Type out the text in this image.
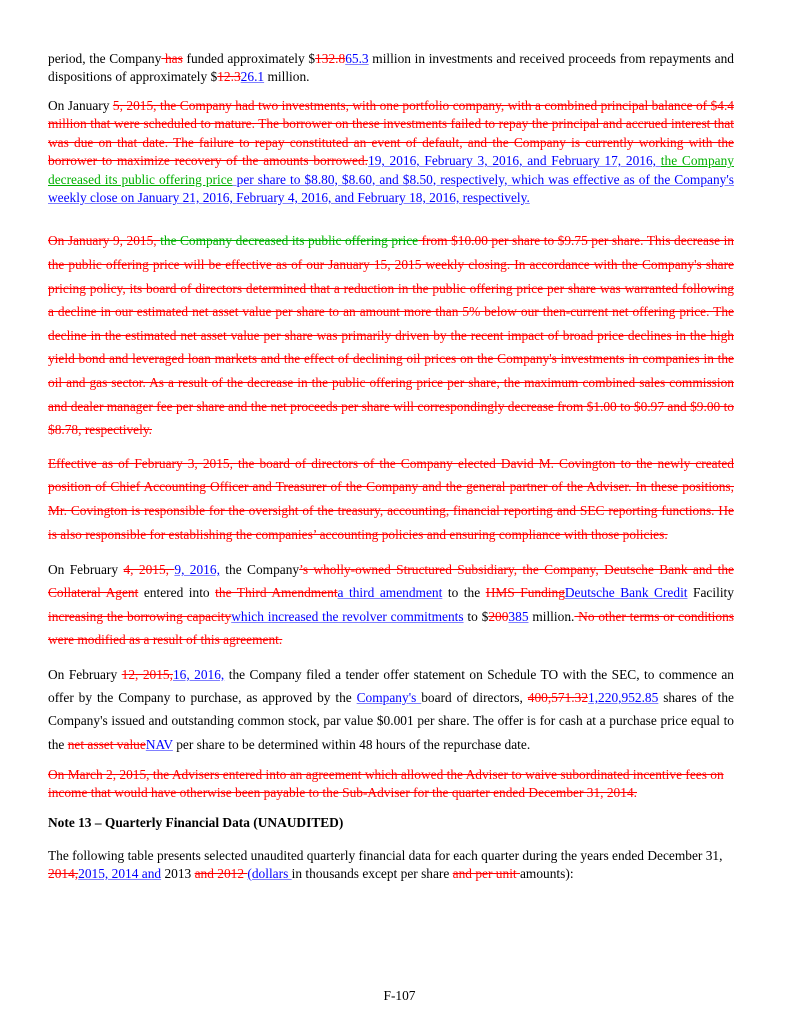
period, the Company has funded approximately $132.865.3 million in investments and received proceeds from repayments and dispositions of approximately $12.326.1 million.

On January 5, 2015, the Company had two investments, with one portfolio company, with a combined principal balance of $4.4 million that were scheduled to mature. The borrower on these investments failed to repay the principal and accrued interest that was due on that date. The failure to repay constituted an event of default, and the Company is currently working with the borrower to maximize recovery of the amounts borrowed.19, 2016, February 3, 2016, and February 17, 2016, the Company decreased its public offering price per share to $8.80, $8.60, and $8.50, respectively, which was effective as of the Company's weekly close on January 21, 2016, February 4, 2016, and February 18, 2016, respectively.

On January 9, 2015, the Company decreased its public offering price from $10.00 per share to $9.75 per share. This decrease in the public offering price will be effective as of our January 15, 2015 weekly closing. In accordance with the Company's share pricing policy, its board of directors determined that a reduction in the public offering price per share was warranted following a decline in our estimated net asset value per share to an amount more than 5% below our then-current net offering price. The decline in the estimated net asset value per share was primarily driven by the recent impact of broad price declines in the high yield bond and leveraged loan markets and the effect of declining oil prices on the Company's investments in companies in the oil and gas sector. As a result of the decrease in the public offering price per share, the maximum combined sales commission and dealer manager fee per share and the net proceeds per share will correspondingly decrease from $1.00 to $0.97 and $9.00 to $8.78, respectively.

Effective as of February 3, 2015, the board of directors of the Company elected David M. Covington to the newly created position of Chief Accounting Officer and Treasurer of the Company and the general partner of the Adviser. In these positions, Mr. Covington is responsible for the oversight of the treasury, accounting, financial reporting and SEC reporting functions. He is also responsible for establishing the companies’ accounting policies and ensuring compliance with those policies.

On February 4, 2015, 9, 2016, the Company’s wholly-owned Structured Subsidiary, the Company, Deutsche Bank and the Collateral Agent entered into the Third Amendmenta third amendment to the HMS FundingDeutsche Bank Credit Facility increasing the borrowing capacitywhich increased the revolver commitments to $200385 million. No other terms or conditions were modified as a result of this agreement.

On February 12, 2015,16, 2016, the Company filed a tender offer statement on Schedule TO with the SEC, to commence an offer by the Company to purchase, as approved by the Company's board of directors, 400,571.321,220,952.85 shares of the Company's issued and outstanding common stock, par value $0.001 per share. The offer is for cash at a purchase price equal to the net asset valueNAV per share to be determined within 48 hours of the repurchase date.

On March 2, 2015, the Advisers entered into an agreement which allowed the Adviser to waive subordinated incentive fees on income that would have otherwise been payable to the Sub-Adviser for the quarter ended December 31, 2014.

Note 13 – Quarterly Financial Data (UNAUDITED)

The following table presents selected unaudited quarterly financial data for each quarter during the years ended December 31, 2014,2015, 2014 and 2013 and 2012 (dollars in thousands except per share and per unit amounts):

F-107
